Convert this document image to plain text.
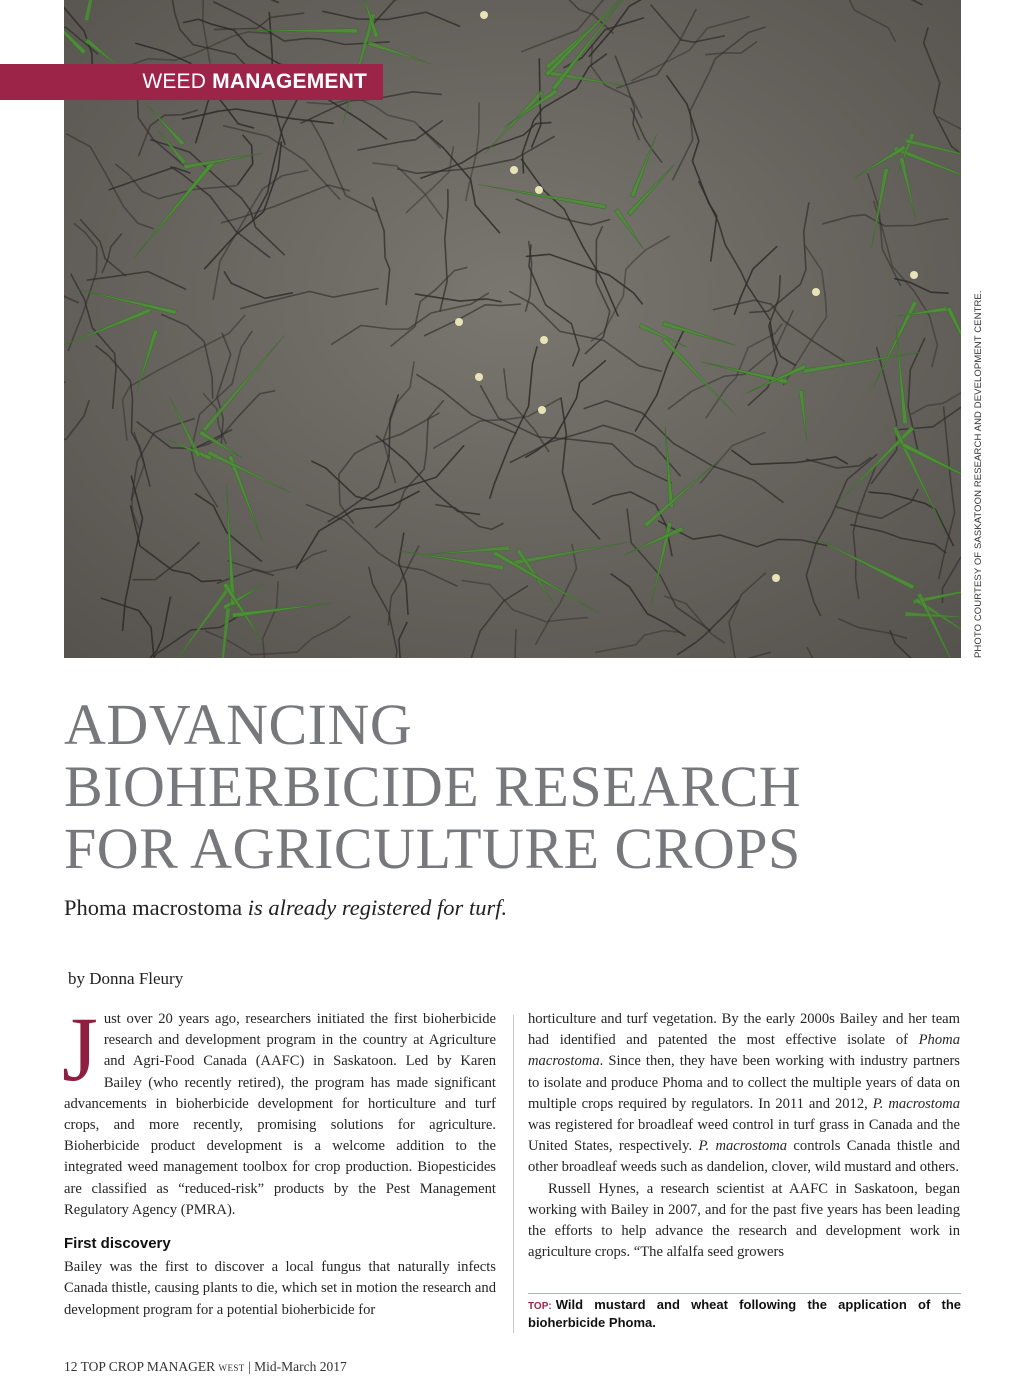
PHOTO COURTESY OF SASKATOON RESEARCH AND DEVELOPMENT CENTRE.
WEED MANAGEMENT
ADVANCING
BIOHERBICIDE RESEARCH
FOR AGRICULTURE CROPS
Phoma macrostoma is already registered for turf.
by Donna Fleury

Just over 20 years ago, researchers initiated the first bioherbicide research and development program in the country at Agriculture and Agri-Food Canada (AAFC) in Saskatoon. Led by Karen Bailey (who recently retired), the program has made significant advancements in bioherbicide development for horticulture and turf crops, and more recently, promising solutions for agriculture. Bioherbicide product development is a welcome addition to the integrated weed management toolbox for crop production. Biopesticides are classified as “reduced-risk” products by the Pest Management Regulatory Agency (PMRA).

First discovery

Bailey was the first to discover a local fungus that naturally infects Canada thistle, causing plants to die, which set in motion the research and development program for a potential bioherbicide for

horticulture and turf vegetation. By the early 2000s Bailey and her team had identified and patented the most effective isolate of Phoma macrostoma. Since then, they have been working with industry partners to isolate and produce Phoma and to collect the multiple years of data on multiple crops required by regulators. In 2011 and 2012, P. macrostoma was registered for broadleaf weed control in turf grass in Canada and the United States, respectively. P. macrostoma controls Canada thistle and other broadleaf weeds such as dandelion, clover, wild mustard and others.

Russell Hynes, a research scientist at AAFC in Saskatoon, began working with Bailey in 2007, and for the past five years has been leading the efforts to help advance the research and development work in agriculture crops. “The alfalfa seed growers

TOP: Wild mustard and wheat following the application of the bioherbicide Phoma.
12 TOP CROP MANAGER WEST | Mid-March 2017
